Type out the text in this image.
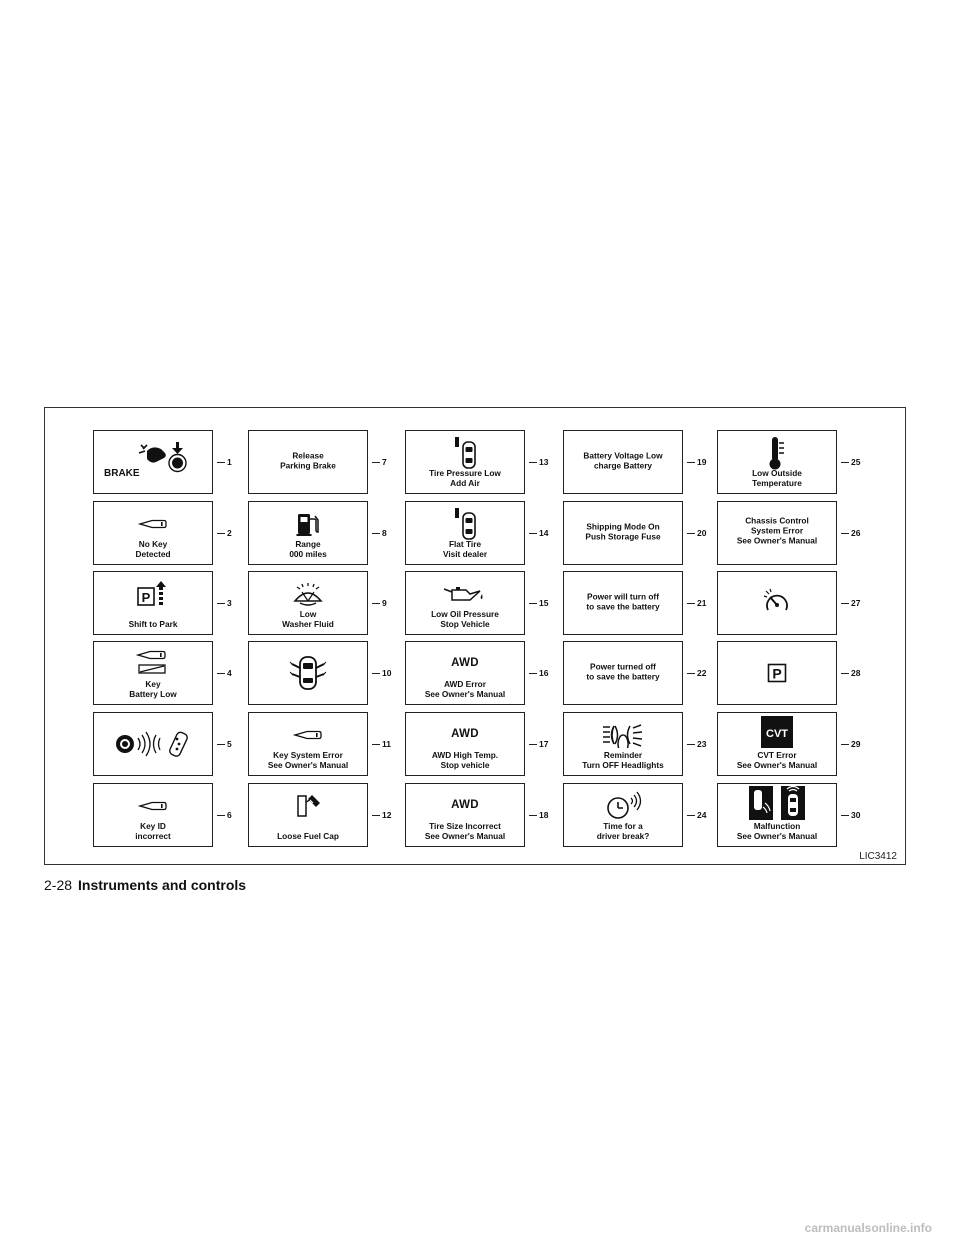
LIC3412
BRAKE
1
No Key
Detected
2
P
Shift to Park
3
Key
Battery Low
4
5
Key ID
incorrect
6
Release
Parking Brake	7
Range
000 miles
8
Low
Washer Fluid
9
10
Key System Error
See Owner's Manual
11
Loose Fuel Cap
12
Tire Pressure Low
Add Air
13
Flat Tire
Visit dealer
14
Low Oil Pressure
Stop Vehicle
15
AWD
AWD Error
See Owner's Manual
16
AWD
AWD High Temp.
Stop vehicle
17
AWD
Tire Size Incorrect
See Owner's Manual
18
Battery Voltage Low
charge Battery	19
Shipping Mode On
Push Storage Fuse	20
Power will turn off
to save the battery	21
Power turned off
to save the battery	22
Reminder
Turn OFF Headlights
23
Time for a
driver break?
24
Low Outside
Temperature
25
Chassis Control
System Error
See Owner's Manual
26
27
P	28
CVT
CVT Error
See Owner's Manual
29
Malfunction
See Owner's Manual
30
2-28 Instruments and controls
carmanualsonline.info
